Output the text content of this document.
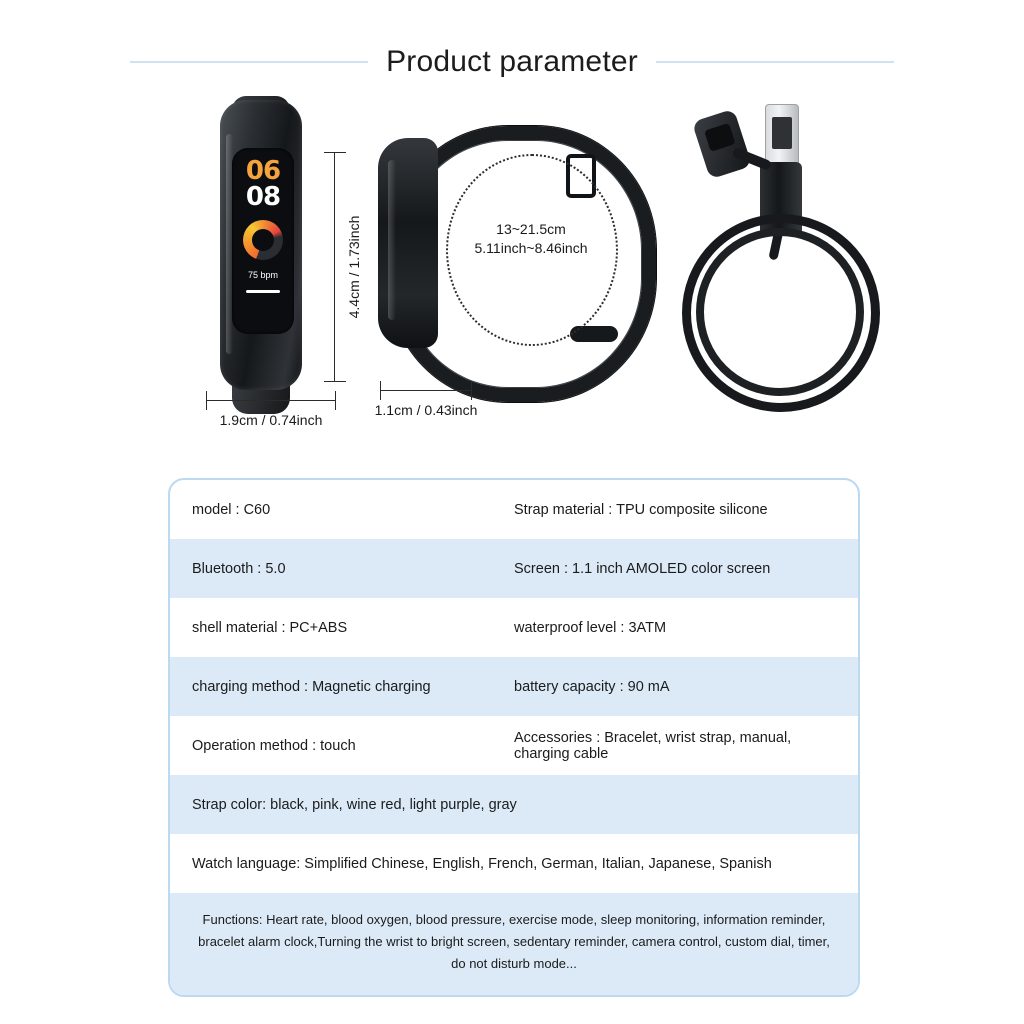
Product parameter
06
08
75 bpm	4.4cm / 1.73inch
1.9cm / 0.74inch
13~21.5cm
5.11inch~8.46inch
1.1cm / 0.43inch
model : C60	Strap material : TPU composite silicone
Bluetooth : 5.0	Screen : 1.1 inch AMOLED color screen
shell material : PC+ABS	waterproof level : 3ATM
charging method : Magnetic charging	battery capacity : 90 mA
Operation method : touch	Accessories : Bracelet, wrist strap, manual, charging cable
Strap color: black, pink, wine red, light purple, gray
Watch language: Simplified Chinese, English, French, German, Italian, Japanese, Spanish
Functions: Heart rate, blood oxygen, blood pressure, exercise mode, sleep monitoring, information reminder, bracelet alarm clock,Turning the wrist to bright screen, sedentary reminder, camera control, custom dial, timer, do not disturb mode...
